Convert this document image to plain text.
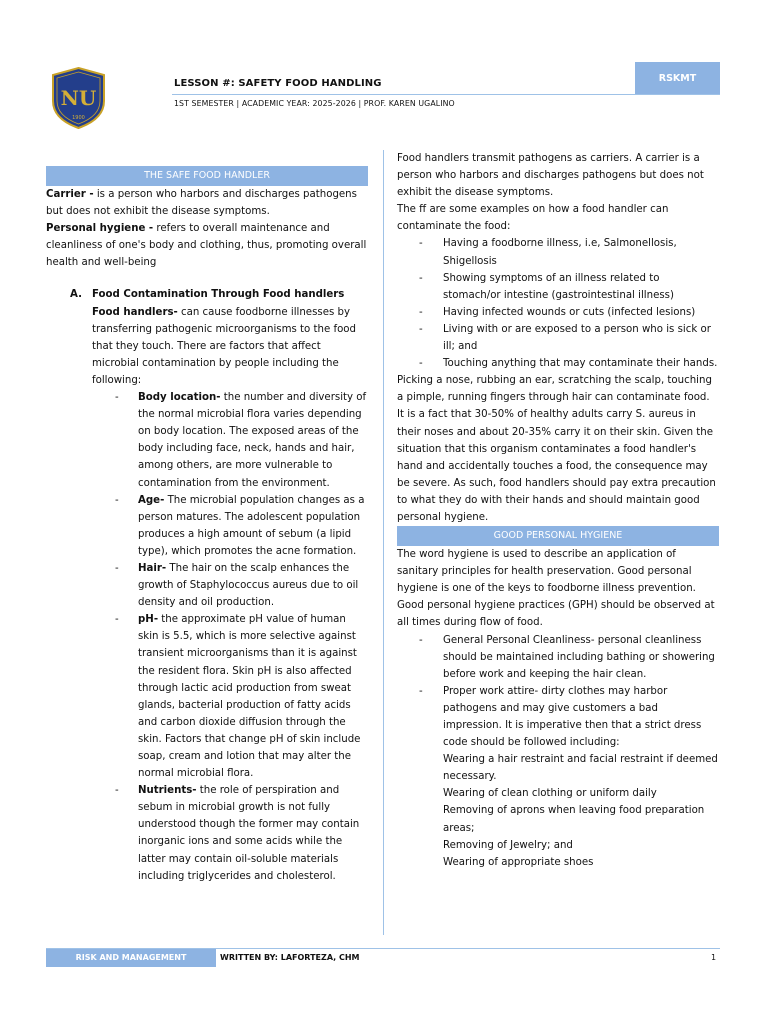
NU
1900
LESSON #: SAFETY FOOD HANDLING
1ST SEMESTER | ACADEMIC YEAR: 2025-2026 | PROF. KAREN UGALINO
RSKMT
THE SAFE FOOD HANDLER

Carrier - is a person who harbors and discharges pathogens but does not exhibit the disease symptoms.

Personal hygiene - refers to overall maintenance and cleanliness of one's body and clothing, thus, promoting overall health and well-being

A. Food Contamination Through Food handlers

Food handlers- can cause foodborne illnesses by transferring pathogenic microorganisms to the food that they touch. There are factors that affect microbial contamination by people including the following:

-	Body location- the number and diversity of the normal microbial flora varies depending on body location. The exposed areas of the body including face, neck, hands and hair, among others, are more vulnerable to contamination from the environment.
-	Age- The microbial population changes as a person matures. The adolescent population produces a high amount of sebum (a lipid type), which promotes the acne formation.
-	Hair- The hair on the scalp enhances the growth of Staphylococcus aureus due to oil density and oil production.
-	pH- the approximate pH value of human skin is 5.5, which is more selective against transient microorganisms than it is against the resident flora. Skin pH is also affected through lactic acid production from sweat glands, bacterial production of fatty acids and carbon dioxide diffusion through the skin. Factors that change pH of skin include soap, cream and lotion that may alter the normal microbial flora.
-	Nutrients- the role of perspiration and sebum in microbial growth is not fully understood though the former may contain inorganic ions and some acids while the latter may contain oil-soluble materials including triglycerides and cholesterol.

Food handlers transmit pathogens as carriers. A carrier is a person who harbors and discharges pathogens but does not exhibit the disease symptoms.

The ff are some examples on how a food handler can contaminate the food:

-	Having a foodborne illness, i.e, Salmonellosis, Shigellosis
-	Showing symptoms of an illness related to stomach/or intestine (gastrointestinal illness)
-	Having infected wounds or cuts (infected lesions)
-	Living with or are exposed to a person who is sick or ill; and
-	Touching anything that may contaminate their hands.

Picking a nose, rubbing an ear, scratching the scalp, touching a pimple, running fingers through hair can contaminate food. It is a fact that 30-50% of healthy adults carry S. aureus in their noses and about 20-35% carry it on their skin. Given the situation that this organism contaminates a food handler's hand and accidentally touches a food, the consequence may be severe. As such, food handlers should pay extra precaution to what they do with their hands and should maintain good personal hygiene.

GOOD PERSONAL HYGIENE

The word hygiene is used to describe an application of sanitary principles for health preservation. Good personal hygiene is one of the keys to foodborne illness prevention. Good personal hygiene practices (GPH) should be observed at all times during flow of food.

-	General Personal Cleanliness- personal cleanliness should be maintained including bathing or showering before work and keeping the hair clean.
-	Proper work attire- dirty clothes may harbor pathogens and may give customers a bad impression. It is imperative then that a strict dress code should be followed including:

Wearing a hair restraint and facial restraint if deemed necessary.

Wearing of clean clothing or uniform daily

Removing of aprons when leaving food preparation areas;

Removing of Jewelry; and

Wearing of appropriate shoes

RISK AND MANAGEMENT	WRITTEN BY: LAFORTEZA, CHM	1
